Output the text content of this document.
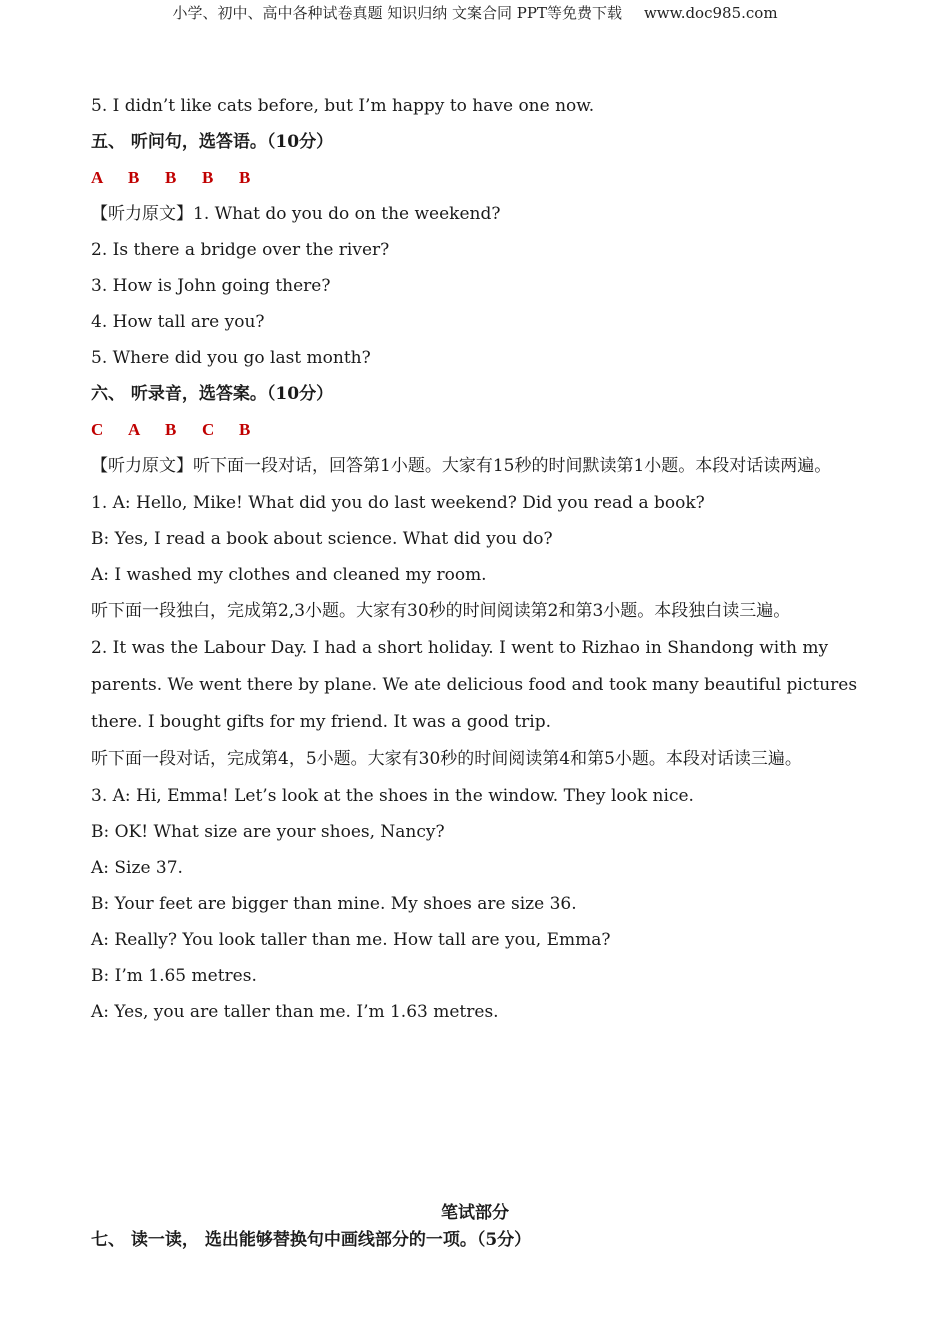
小学、初中、高中各种试卷真题 知识归纳 文案合同 PPT等免费下载 www.doc985.com
5. I didn’t like cats before, but I’m happy to have one now.
五、 听问句，选答语。（10分）
A B B B B
【听力原文】1. What do you do on the weekend?
2. Is there a bridge over the river?
3. How is John going there?
4. How tall are you?
5. Where did you go last month?
六、 听录音，选答案。（10分）
C A B C B
【听力原文】听下面一段对话，回答第1小题。大家有15秒的时间默读第1小题。本段对话读两遍。
1. A: Hello, Mike! What did you do last weekend? Did you read a book?
B: Yes, I read a book about science. What did you do?
A: I washed my clothes and cleaned my room.
听下面一段独白，完成第2,3小题。大家有30秒的时间阅读第2和第3小题。本段独白读三遍。
2. It was the Labour Day. I had a short holiday. I went to Rizhao in Shandong with my parents. We went there by plane. We ate delicious food and took many beautiful pictures there. I bought gifts for my friend. It was a good trip.
听下面一段对话，完成第4，5小题。大家有30秒的时间阅读第4和第5小题。本段对话读三遍。
3. A: Hi, Emma! Let’s look at the shoes in the window. They look nice.
B: OK! What size are your shoes, Nancy?
A: Size 37.
B: Your feet are bigger than mine. My shoes are size 36.
A: Really? You look taller than me. How tall are you, Emma?
B: I’m 1.65 metres.
A: Yes, you are taller than me. I’m 1.63 metres.
笔试部分
七、 读一读， 选出能够替换句中画线部分的一项。（5分）
